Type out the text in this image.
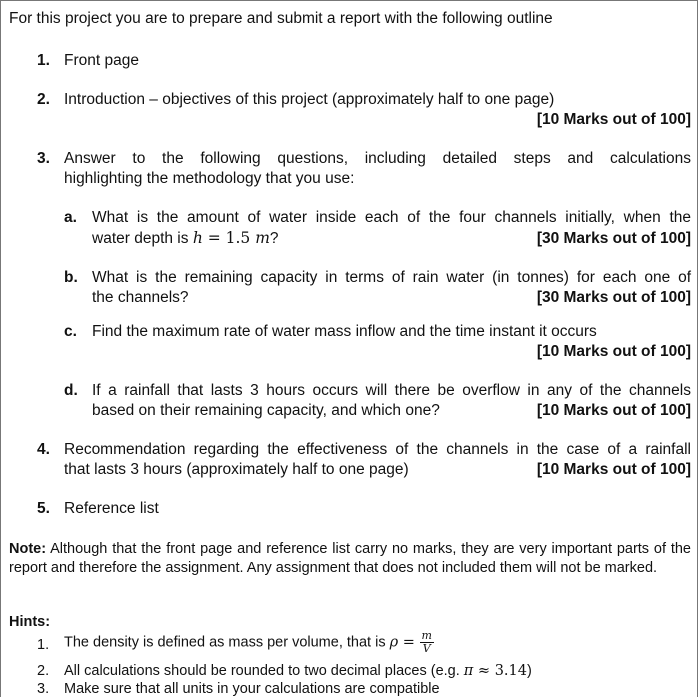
For this project you are to prepare and submit a report with the following outline
1. Front page
2. Introduction – objectives of this project (approximately half to one page)
[10 Marks out of 100]
3. Answer to the following questions, including detailed steps and calculations
highlighting the methodology that you use:
a. What is the amount of water inside each of the four channels initially, when the
water depth is h = 1.5 m?	[30 Marks out of 100]
b. What is the remaining capacity in terms of rain water (in tonnes) for each one of
the channels?	[30 Marks out of 100]
c. Find the maximum rate of water mass inflow and the time instant it occurs
[10 Marks out of 100]
d. If a rainfall that lasts 3 hours occurs will there be overflow in any of the channels
based on their remaining capacity, and which one?	[10 Marks out of 100]
4. Recommendation regarding the effectiveness of the channels in the case of a rainfall
that lasts 3 hours (approximately half to one page)	[10 Marks out of 100]
5. Reference list
Note: Although that the front page and reference list carry no marks, they are very important parts of the report and therefore the assignment. Any assignment that does not included them will not be marked.
Hints:
1. The density is defined as mass per volume, that is $\rho = \frac{m}{V}$
2. All calculations should be rounded to two decimal places (e.g. π ≈ 3.14)
3. Make sure that all units in your calculations are compatible
